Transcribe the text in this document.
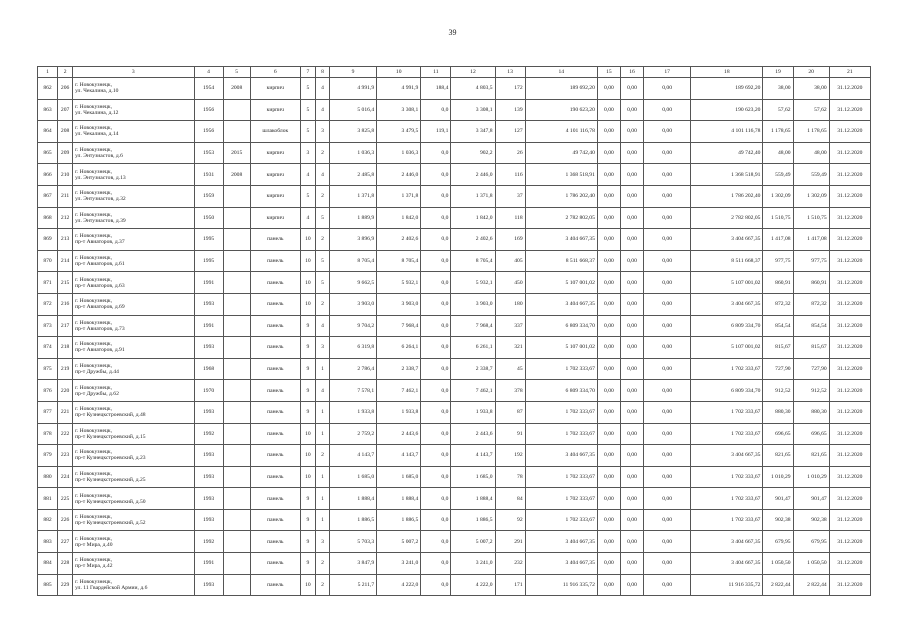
39
1	2	3	4	5	6	7	8	9	10	11	12	13	14	15	16	17	18	19	20	21
862	206	г. Новокузнецк,
ул. Чекалина, д.10	1954	2008	кирпич	5	4	4 991,9	4 991,9	188,4	4 803,5	172	189 692,20	0,00	0,00	0,00	189 692,20	38,00	38,00	31.12.2020
863	207	г. Новокузнецк,
ул. Чекалина, д.12	1956		кирпич	5	4	5 016,4	3 308,1	0,0	3 308,1	139	190 623,20	0,00	0,00	0,00	190 623,20	57,62	57,62	31.12.2020
864	208	г. Новокузнецк,
ул. Чекалина, д.14	1956		шлакоблок	5	3	3 825,8	3 479,5	119,1	3 347,8	127	4 101 116,78	0,00	0,00	0,00	4 101 116,78	1 178,65	1 178,65	31.12.2020
865	209	г. Новокузнецк,
ул. Энтузиастов, д.6	1953	2015	кирпич	3	2	1 036,3	1 036,3	0,0	902,2	26	49 742,40	0,00	0,00	0,00	49 742,40	48,00	48,00	31.12.2020
866	210	г. Новокузнецк,
ул. Энтузиастов, д.13	1931	2008	кирпич	4	4	2 485,8	2 446,0	0,0	2 446,0	116	1 368 518,91	0,00	0,00	0,00	1 368 518,91	559,49	559,49	31.12.2020
867	211	г. Новокузнецк,
ул. Энтузиастов, д.32	1959		кирпич	5	2	1 371,8	1 371,8	0,0	1 371,8	37	1 786 202,40	0,00	0,00	0,00	1 786 202,40	1 302,09	1 302,09	31.12.2020
868	212	г. Новокузнецк,
ул. Энтузиастов, д.39	1950		кирпич	4	5	1 889,9	1 842,0	0,0	1 842,0	118	2 782 802,05	0,00	0,00	0,00	2 782 802,05	1 510,75	1 510,75	31.12.2020
869	213	г. Новокузнецк,
пр-т Авиаторов, д.37	1995		панель	10	2	3 896,9	2 402,6	0,0	2 402,6	169	3 404 667,35	0,00	0,00	0,00	3 404 667,35	1 417,08	1 417,08	31.12.2020
870	214	г. Новокузнецк,
пр-т Авиаторов, д.61	1995		панель	10	5	8 705,4	8 705,4	0,0	8 705,4	405	8 511 668,37	0,00	0,00	0,00	8 511 668,37	977,75	977,75	31.12.2020
871	215	г. Новокузнецк,
пр-т Авиаторов, д.63	1991		панель	10	5	9 662,5	5 932,1	0,0	5 932,1	450	5 107 001,02	0,00	0,00	0,00	5 107 001,02	860,91	860,91	31.12.2020
872	216	г. Новокузнецк,
пр-т Авиаторов, д.69	1993		панель	10	2	3 903,0	3 903,0	0,0	3 903,0	180	3 404 667,35	0,00	0,00	0,00	3 404 667,35	872,32	872,32	31.12.2020
873	217	г. Новокузнецк,
пр-т Авиаторов, д.73	1991		панель	9	4	9 704,2	7 968,4	0,0	7 968,4	337	6 809 334,70	0,00	0,00	0,00	6 809 334,70	854,54	854,54	31.12.2020
874	218	г. Новокузнецк,
пр-т Авиаторов, д.91	1993		панель	9	3	6 319,8	6 264,1	0,0	6 261,1	321	5 107 001,02	0,00	0,00	0,00	5 107 001,02	815,67	815,67	31.12.2020
875	219	г. Новокузнецк,
пр-т Дружбы, д.44	1968		панель	9	1	2 786,4	2 338,7	0,0	2 338,7	45	1 702 333,67	0,00	0,00	0,00	1 702 333,67	727,90	727,90	31.12.2020
876	220	г. Новокузнецк,
пр-т Дружбы, д.62	1970		панель	9	4	7 578,1	7 462,1	0,0	7 462,1	378	6 809 334,70	0,00	0,00	0,00	6 809 334,70	912,52	912,52	31.12.2020
877	221	г. Новокузнецк,
пр-т Кузнецкстроевский, д.48	1993		панель	9	1	1 933,8	1 933,8	0,0	1 933,8	87	1 702 333,67	0,00	0,00	0,00	1 702 333,67	880,30	880,30	31.12.2020
878	222	г. Новокузнецк,
пр-т Кузнецкстроевский, д.15	1992		панель	10	1	2 759,2	2 443,6	0,0	2 443,6	91	1 702 333,67	0,00	0,00	0,00	1 702 333,67	696,65	696,65	31.12.2020
879	223	г. Новокузнецк,
пр-т Кузнецкстроевский, д.23	1993		панель	10	2	4 143,7	4 143,7	0,0	4 143,7	192	3 404 667,35	0,00	0,00	0,00	3 404 667,35	821,65	821,65	31.12.2020
880	224	г. Новокузнецк,
пр-т Кузнецкстроевский, д.25	1993		панель	10	1	1 685,0	1 685,0	0,0	1 685,0	78	1 702 333,67	0,00	0,00	0,00	1 702 333,67	1 010,29	1 010,29	31.12.2020
881	225	г. Новокузнецк,
пр-т Кузнецкстроевский, д.50	1993		панель	9	1	1 888,4	1 888,4	0,0	1 888,4	84	1 702 333,67	0,00	0,00	0,00	1 702 333,67	901,47	901,47	31.12.2020
882	226	г. Новокузнецк,
пр-т Кузнецкстроевский, д.52	1993		панель	9	1	1 886,5	1 886,5	0,0	1 886,5	92	1 702 333,67	0,00	0,00	0,00	1 702 333,67	902,38	902,38	31.12.2020
883	227	г. Новокузнецк,
пр-т Мира, д.40	1992		панель	9	3	5 703,3	5 007,2	0,0	5 007,2	291	3 404 667,35	0,00	0,00	0,00	3 404 667,35	679,95	679,95	31.12.2020
884	228	г. Новокузнецк,
пр-т Мира, д.42	1991		панель	9	2	3 847,9	3 241,0	0,0	3 241,0	232	3 404 667,35	0,00	0,00	0,00	3 404 667,35	1 050,50	1 050,50	31.12.2020
885	229	г. Новокузнецк,
ул. 11 Гвардейской Армии, д.6	1993		панель	10	2	5 211,7	4 222,0	0,0	4 222,0	171	11 916 335,72	0,00	0,00	0,00	11 916 335,72	2 822,44	2 822,44	31.12.2020
